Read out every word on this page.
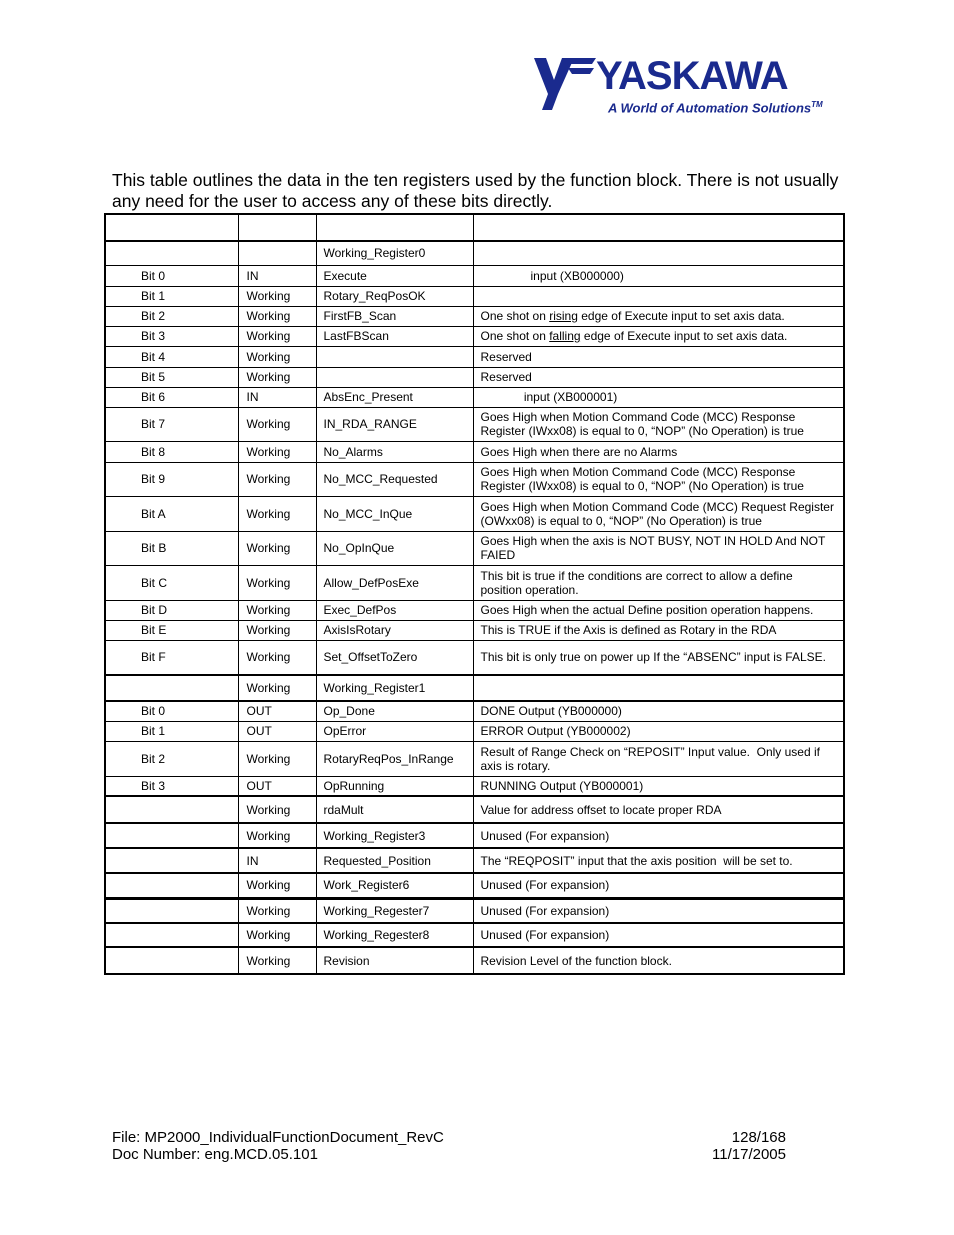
YASKAWA
A World of Automation Solutions™
This table outlines the data in the ten registers used by the function block. There is not usually any need for the user to access any of these bits directly.

		Working_Register0	
Bit 0	IN	Execute	input (XB000000)
Bit 1	Working	Rotary_ReqPosOK	
Bit 2	Working	FirstFB_Scan	One shot on rising edge of Execute input to set axis data.
Bit 3	Working	LastFBScan	One shot on falling edge of Execute input to set axis data.
Bit 4	Working		Reserved
Bit 5	Working		Reserved
Bit 6	IN	AbsEnc_Present	input (XB000001)
Bit 7	Working	IN_RDA_RANGE	Goes High when Motion Command Code (MCC) Response Register (IWxx08) is equal to 0, “NOP” (No Operation) is true
Bit 8	Working	No_Alarms	Goes High when there are no Alarms
Bit 9	Working	No_MCC_Requested	Goes High when Motion Command Code (MCC) Response Register (IWxx08) is equal to 0, “NOP” (No Operation) is true
Bit A	Working	No_MCC_InQue	Goes High when Motion Command Code (MCC) Request Register (OWxx08) is equal to 0, “NOP” (No Operation) is true
Bit B	Working	No_OpInQue	Goes High when the axis is NOT BUSY, NOT IN HOLD And NOT FAIED
Bit C	Working	Allow_DefPosExe	This bit is true if the conditions are correct to allow a define position operation.
Bit D	Working	Exec_DefPos	Goes High when the actual Define position operation happens.
Bit E	Working	AxisIsRotary	This is TRUE if the Axis is defined as Rotary in the RDA
Bit F	Working	Set_OffsetToZero	This bit is only true on power up If the “ABSENC” input is FALSE.
	Working	Working_Register1	
Bit 0	OUT	Op_Done	DONE Output (YB000000)
Bit 1	OUT	OpError	ERROR Output (YB000002)
Bit 2	Working	RotaryReqPos_InRange	Result of Range Check on “REPOSIT” Input value.  Only used if axis is rotary.
Bit 3	OUT	OpRunning	RUNNING Output (YB000001)
	Working	rdaMult	Value for address offset to locate proper RDA
	Working	Working_Register3	Unused (For expansion)
	IN	Requested_Position	The “REQPOSIT” input that the axis position  will be set to.
	Working	Work_Register6	Unused (For expansion)
	Working	Working_Regester7	Unused (For expansion)
	Working	Working_Regester8	Unused (For expansion)
	Working	Revision	Revision Level of the function block.
File: MP2000_IndividualFunctionDocument_RevC
Doc Number: eng.MCD.05.101
128/168
11/17/2005
